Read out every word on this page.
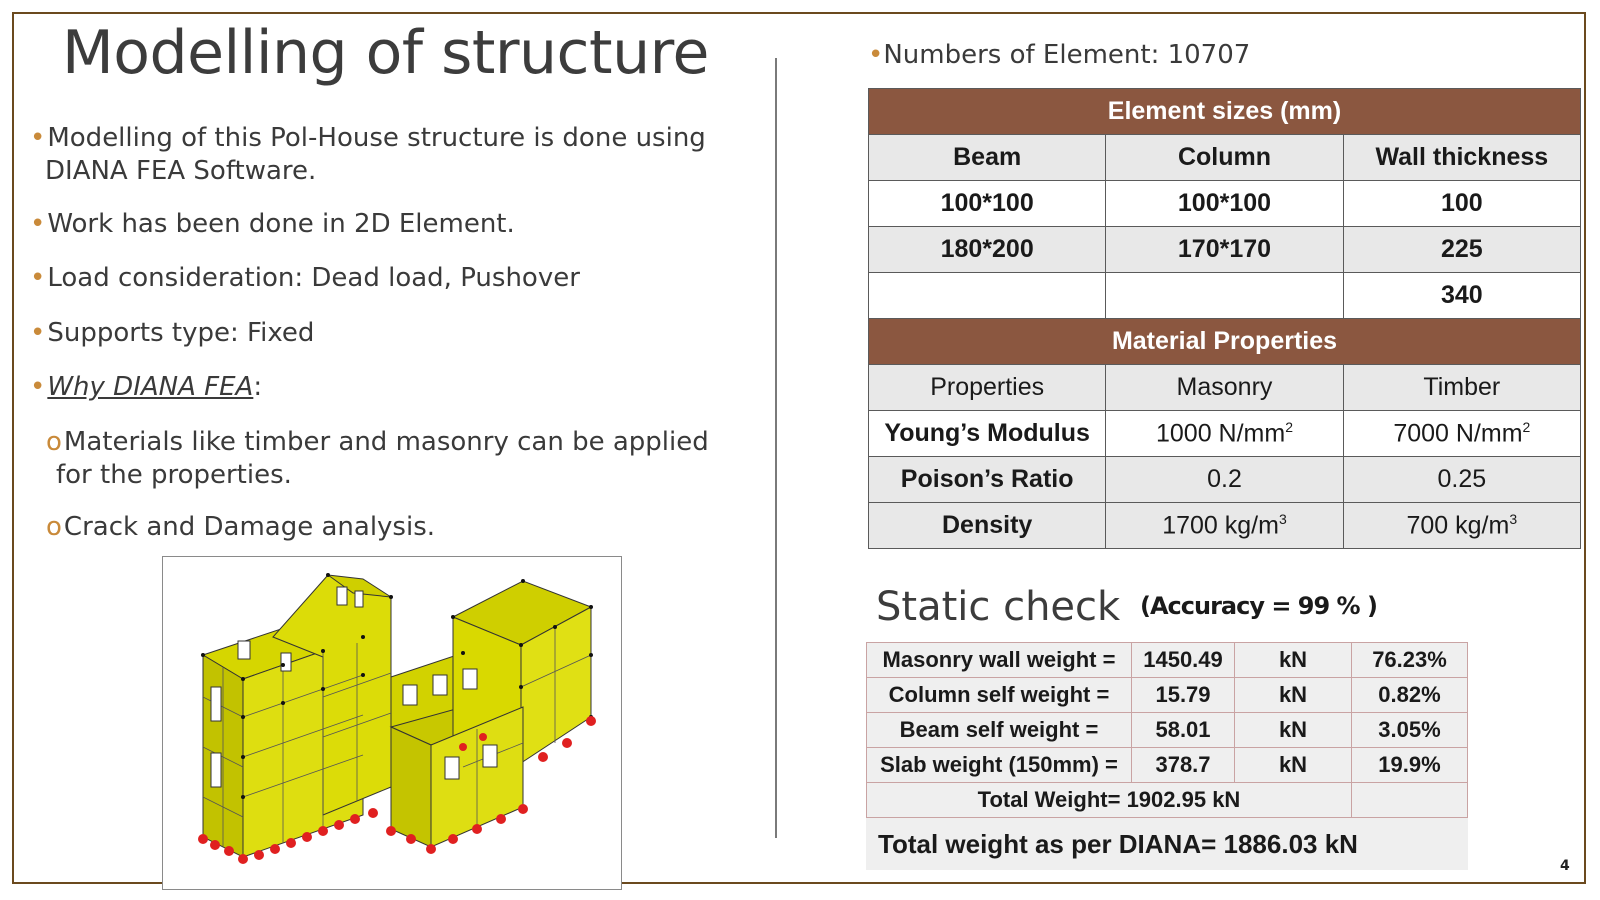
Modelling of structure
•Modelling of this Pol-House structure is done using
DIANA FEA Software.
•Work has been done in 2D Element.
•Load consideration: Dead load, Pushover
•Supports type: Fixed
•Why DIANA FEA:
oMaterials like timber and masonry can be applied
for the properties.
oCrack and Damage analysis.
•Numbers of Element: 10707
Element sizes (mm)		
Beam	Column	Wall thickness
100*100	100*100	100
180*200	170*170	225
		340
Material Properties		
Properties	Masonry	Timber
Young’s Modulus	1000 $N/mm^2$	7000 $N/mm^2$
Poison’s Ratio	0.2	0.25
Density	1700 $kg/m^3$	700 $kg/m^3$
Static check (Accuracy = 99 % )
Masonry wall weight =	1450.49	kN	76.23%
Column self weight =	15.79	kN	0.82%
Beam self weight =	58.01	kN	3.05%
Slab weight (150mm) =	378.7	kN	19.9%
Total Weight= 1902.95 kN			
Total weight as per DIANA= 1886.03 kN
4
